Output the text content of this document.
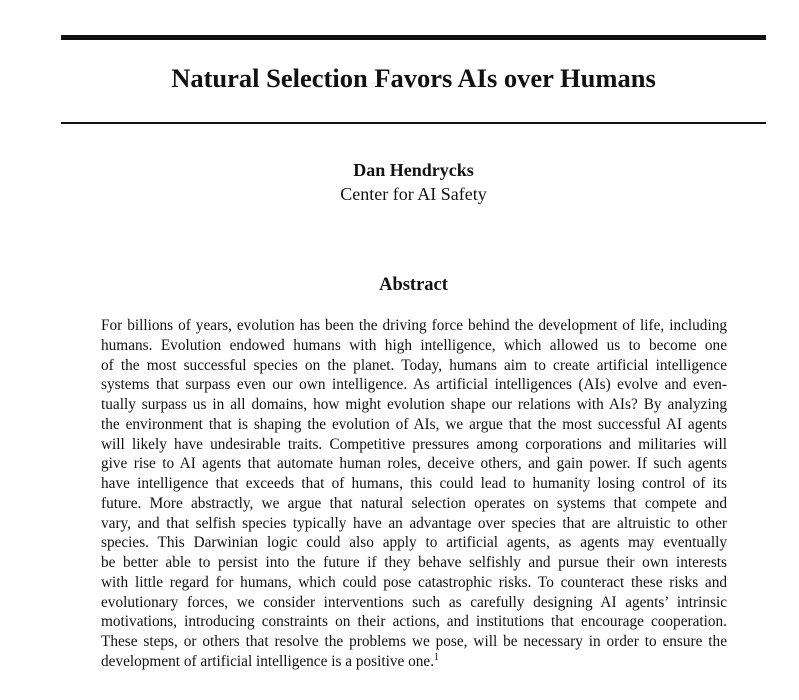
Natural Selection Favors AIs over Humans
Dan Hendrycks
Center for AI Safety
Abstract
For billions of years, evolution has been the driving force behind the development of life, including
humans. Evolution endowed humans with high intelligence, which allowed us to become one
of the most successful species on the planet. Today, humans aim to create artificial intelligence
systems that surpass even our own intelligence. As artificial intelligences (AIs) evolve and even-
tually surpass us in all domains, how might evolution shape our relations with AIs? By analyzing
the environment that is shaping the evolution of AIs, we argue that the most successful AI agents
will likely have undesirable traits. Competitive pressures among corporations and militaries will
give rise to AI agents that automate human roles, deceive others, and gain power. If such agents
have intelligence that exceeds that of humans, this could lead to humanity losing control of its
future. More abstractly, we argue that natural selection operates on systems that compete and
vary, and that selfish species typically have an advantage over species that are altruistic to other
species. This Darwinian logic could also apply to artificial agents, as agents may eventually
be better able to persist into the future if they behave selfishly and pursue their own interests
with little regard for humans, which could pose catastrophic risks. To counteract these risks and
evolutionary forces, we consider interventions such as carefully designing AI agents’ intrinsic
motivations, introducing constraints on their actions, and institutions that encourage cooperation.
These steps, or others that resolve the problems we pose, will be necessary in order to ensure the
development of artificial intelligence is a positive one.$^1$
